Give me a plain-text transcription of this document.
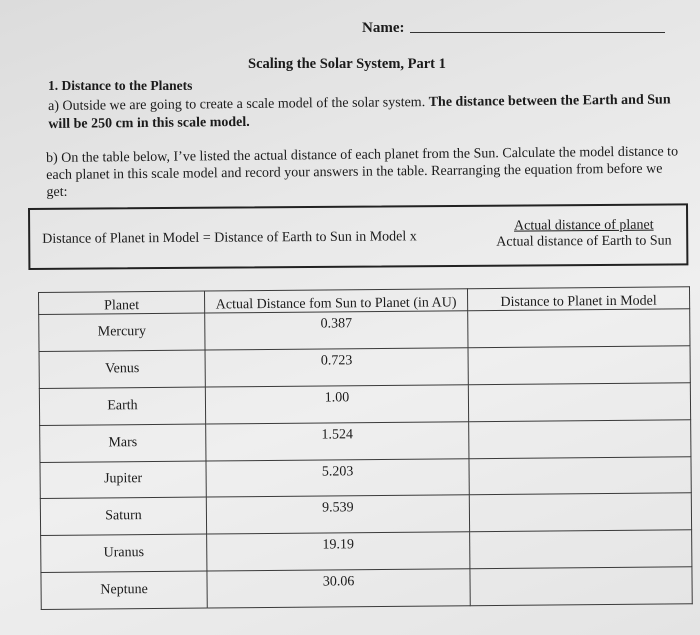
Name:
Scaling the Solar System, Part 1
1. Distance to the Planets
a) Outside we are going to create a scale model of the solar system. The distance between the Earth and Sun will be 250 cm in this scale model.
b) On the table below, I’ve listed the actual distance of each planet from the Sun. Calculate the model distance to each planet in this scale model and record your answers in the table. Rearranging the equation from before we get:
Distance of Planet in Model = Distance of Earth to Sun in Model x
Actual distance of planet
Actual distance of Earth to Sun
Planet	Actual Distance fom Sun to Planet (in AU)	Distance to Planet in Model
Mercury	0.387	
Venus	0.723	
Earth	1.00	
Mars	1.524	
Jupiter	5.203	
Saturn	9.539	
Uranus	19.19	
Neptune	30.06	
